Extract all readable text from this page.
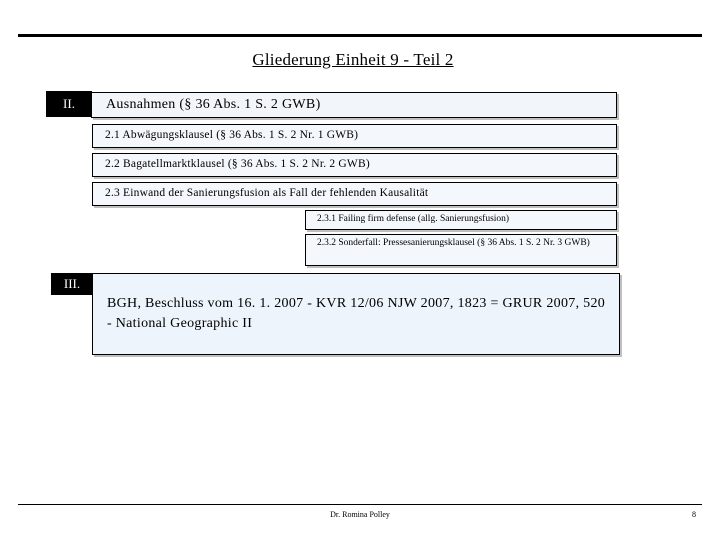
Gliederung Einheit 9 - Teil 2
II.	Ausnahmen (§ 36 Abs. 1 S. 2 GWB)
2.1 Abwägungsklausel (§ 36 Abs. 1 S. 2 Nr. 1 GWB)
2.2 Bagatellmarktklausel (§ 36 Abs. 1 S. 2 Nr. 2 GWB)
2.3 Einwand der Sanierungsfusion als Fall der fehlenden Kausalität
2.3.1 Failing firm defense (allg. Sanierungsfusion)
2.3.2 Sonderfall: Pressesanierungsklausel (§ 36 Abs. 1 S. 2 Nr. 3 GWB)
III.
BGH, Beschluss vom 16. 1. 2007 - KVR 12/06 NJW 2007, 1823 = GRUR 2007, 520 - National Geographic II
Dr. Romina Polley	8
